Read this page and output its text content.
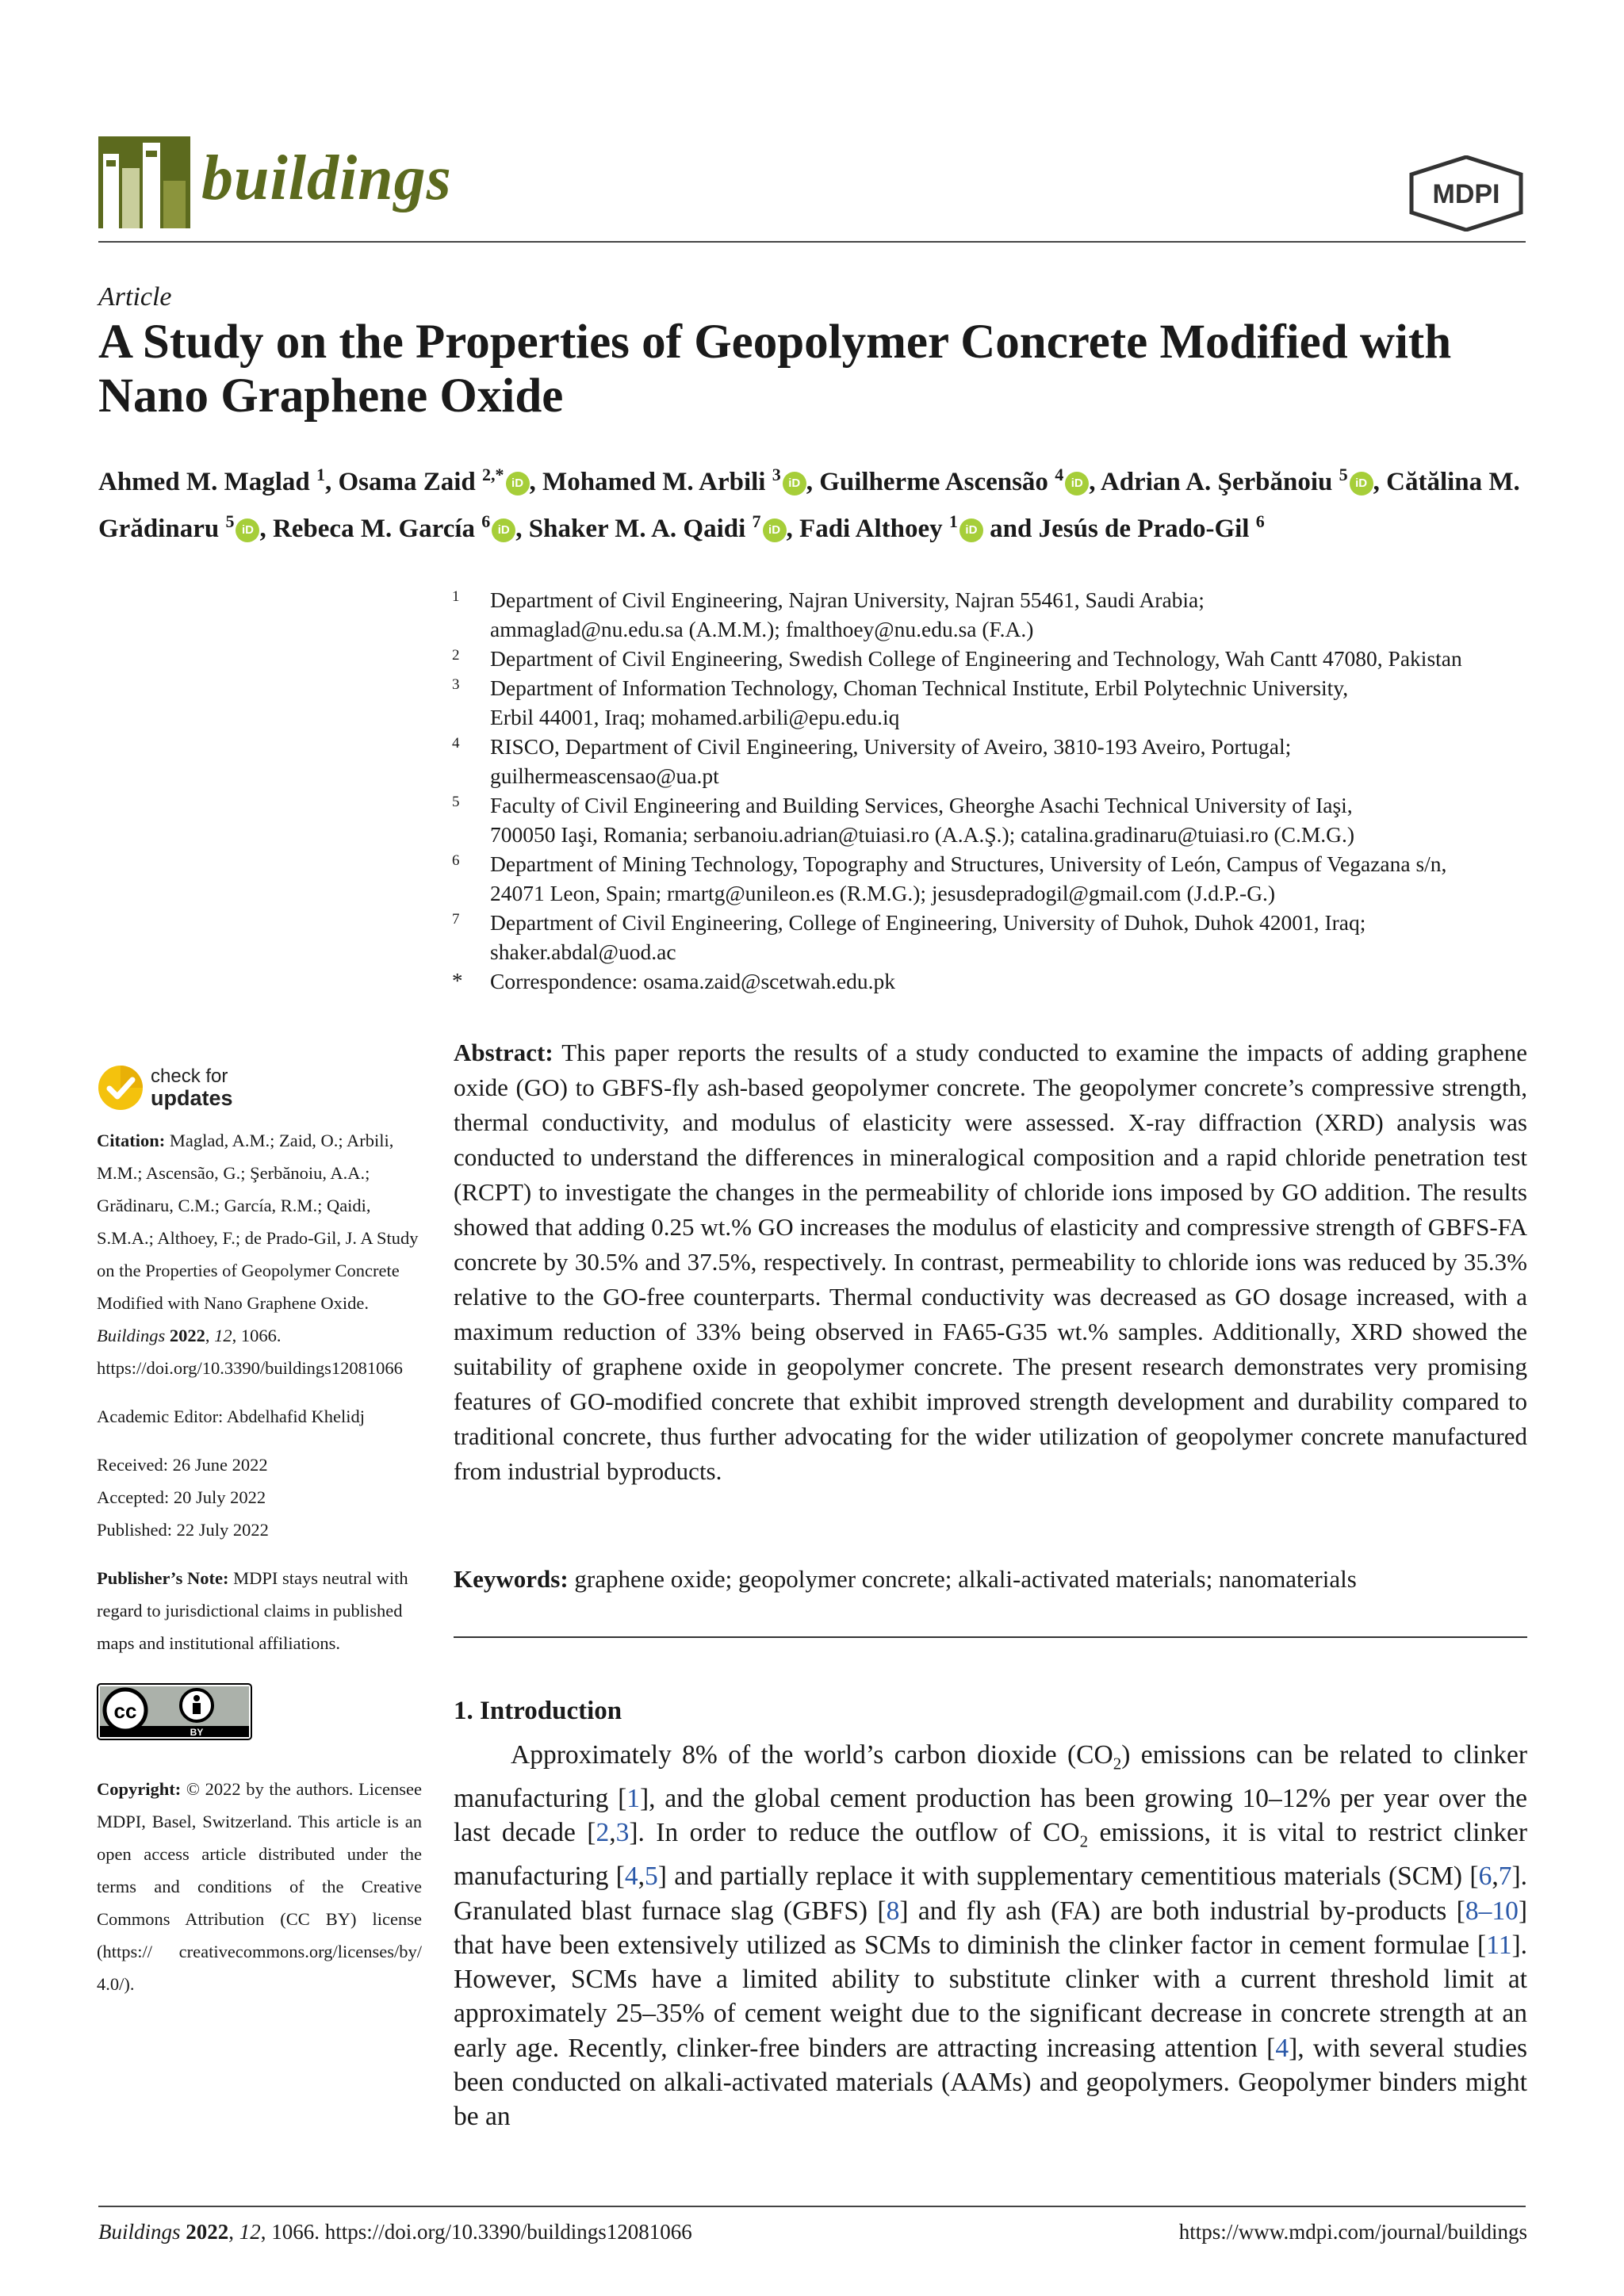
buildings	MDPI
Article
A Study on the Properties of Geopolymer Concrete Modified with Nano Graphene Oxide
Ahmed M. Maglad $^1$, Osama Zaid $^{2,*}$ iD , Mohamed M. Arbili $^3$ iD , Guilherme Ascensão $^4$ iD , Adrian A. Şerbănoiu $^5$ iD , Cătălina M. Grădinaru $^5$ iD , Rebeca M. García $^6$ iD , Shaker M. A. Qaidi $^7$ iD , Fadi Althoey $^1$ iD and Jesús de Prado-Gil $^6$
1 Department of Civil Engineering, Najran University, Najran 55461, Saudi Arabia;
ammaglad@nu.edu.sa (A.M.M.); fmalthoey@nu.edu.sa (F.A.)
2 Department of Civil Engineering, Swedish College of Engineering and Technology, Wah Cantt 47080, Pakistan
3 Department of Information Technology, Choman Technical Institute, Erbil Polytechnic University,
Erbil 44001, Iraq; mohamed.arbili@epu.edu.iq
4 RISCO, Department of Civil Engineering, University of Aveiro, 3810-193 Aveiro, Portugal;
guilhermeascensao@ua.pt
5 Faculty of Civil Engineering and Building Services, Gheorghe Asachi Technical University of Iaşi,
700050 Iaşi, Romania; serbanoiu.adrian@tuiasi.ro (A.A.Ş.); catalina.gradinaru@tuiasi.ro (C.M.G.)
6 Department of Mining Technology, Topography and Structures, University of León, Campus of Vegazana s/n,
24071 Leon, Spain; rmartg@unileon.es (R.M.G.); jesusdepradogil@gmail.com (J.d.P.-G.)
7 Department of Civil Engineering, College of Engineering, University of Duhok, Duhok 42001, Iraq;
shaker.abdal@uod.ac
* Correspondence: osama.zaid@scetwah.edu.pk
check for
updates
Citation: Maglad, A.M.; Zaid, O.; Arbili, M.M.; Ascensão, G.; Şerbănoiu, A.A.; Grădinaru, C.M.; García, R.M.; Qaidi, S.M.A.; Althoey, F.; de Prado-Gil, J. A Study on the Properties of Geopolymer Concrete Modified with Nano Graphene Oxide. Buildings 2022, 12, 1066. https://doi.org/10.3390/buildings12081066
Academic Editor: Abdelhafid Khelidj
Received: 26 June 2022
Accepted: 20 July 2022
Published: 22 July 2022
Publisher’s Note: MDPI stays neutral with regard to jurisdictional claims in published maps and institutional affiliations.
cc
BY
Copyright: © 2022 by the authors. Licensee MDPI, Basel, Switzerland. This article is an open access article distributed under the terms and conditions of the Creative Commons Attribution (CC BY) license (https:// creativecommons.org/licenses/by/ 4.0/).
Abstract: This paper reports the results of a study conducted to examine the impacts of adding graphene oxide (GO) to GBFS-fly ash-based geopolymer concrete. The geopolymer concrete’s compressive strength, thermal conductivity, and modulus of elasticity were assessed. X-ray diffraction (XRD) analysis was conducted to understand the differences in mineralogical composition and a rapid chloride penetration test (RCPT) to investigate the changes in the permeability of chloride ions imposed by GO addition. The results showed that adding 0.25 wt.% GO increases the modulus of elasticity and compressive strength of GBFS-FA concrete by 30.5% and 37.5%, respectively. In contrast, permeability to chloride ions was reduced by 35.3% relative to the GO-free counterparts. Thermal conductivity was decreased as GO dosage increased, with a maximum reduction of 33% being observed in FA65-G35 wt.% samples. Additionally, XRD showed the suitability of graphene oxide in geopolymer concrete. The present research demonstrates very promising features of GO-modified concrete that exhibit improved strength development and durability compared to traditional concrete, thus further advocating for the wider utilization of geopolymer concrete manufactured from industrial byproducts.
Keywords: graphene oxide; geopolymer concrete; alkali-activated materials; nanomaterials
1. Introduction
Approximately 8% of the world’s carbon dioxide $(CO_2)$ emissions can be related to clinker manufacturing [1], and the global cement production has been growing 10–12% per year over the last decade [2,3]. In order to reduce the outflow of $CO_2$ emissions, it is vital to restrict clinker manufacturing [4,5] and partially replace it with supplementary cementitious materials (SCM) [6,7]. Granulated blast furnace slag (GBFS) [8] and fly ash (FA) are both industrial by-products [8–10] that have been extensively utilized as SCMs to diminish the clinker factor in cement formulae [11]. However, SCMs have a limited ability to substitute clinker with a current threshold limit at approximately 25–35% of cement weight due to the significant decrease in concrete strength at an early age. Recently, clinker-free binders are attracting increasing attention [4], with several studies been conducted on alkali-activated materials (AAMs) and geopolymers. Geopolymer binders might be an
Buildings 2022, 12, 1066. https://doi.org/10.3390/buildings12081066	https://www.mdpi.com/journal/buildings
